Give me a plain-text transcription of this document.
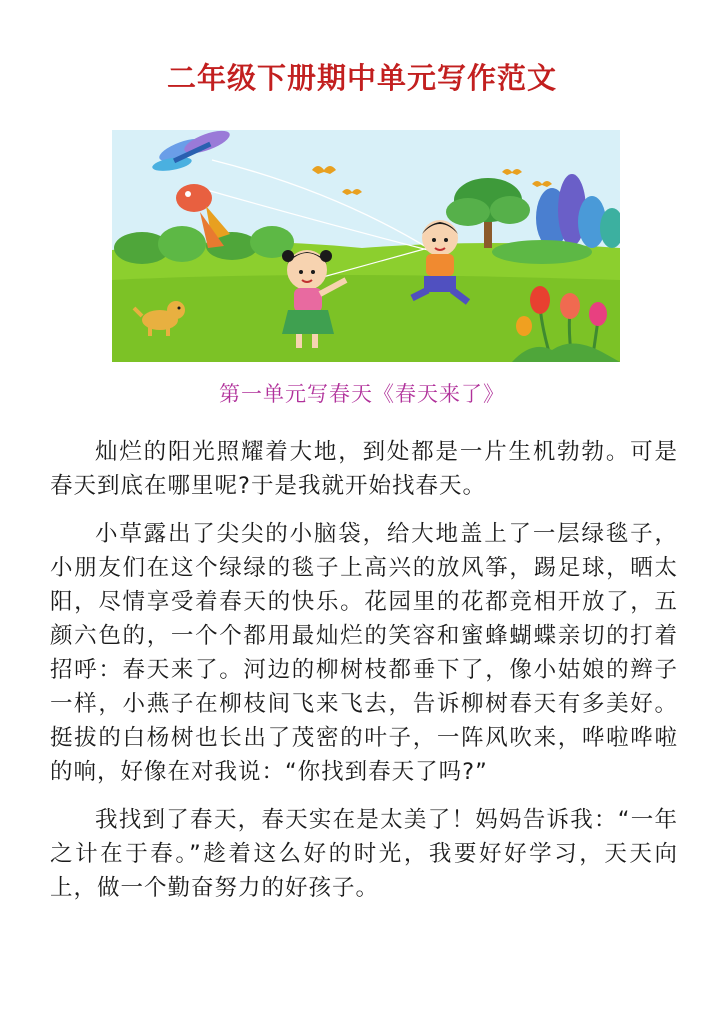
二年级下册期中单元写作范文
第一单元写春天《春天来了》

灿烂的阳光照耀着大地，到处都是一片生机勃勃。可是春天到底在哪里呢?于是我就开始找春天。

小草露出了尖尖的小脑袋，给大地盖上了一层绿毯子，小朋友们在这个绿绿的毯子上高兴的放风筝，踢足球，晒太阳，尽情享受着春天的快乐。花园里的花都竞相开放了，五颜六色的，一个个都用最灿烂的笑容和蜜蜂蝴蝶亲切的打着招呼：春天来了。河边的柳树枝都垂下了，像小姑娘的辫子一样，小燕子在柳枝间飞来飞去，告诉柳树春天有多美好。挺拔的白杨树也长出了茂密的叶子，一阵风吹来，哗啦哗啦的响，好像在对我说：“你找到春天了吗?”

我找到了春天，春天实在是太美了！妈妈告诉我：“一年之计在于春。”趁着这么好的时光，我要好好学习，天天向上，做一个勤奋努力的好孩子。
